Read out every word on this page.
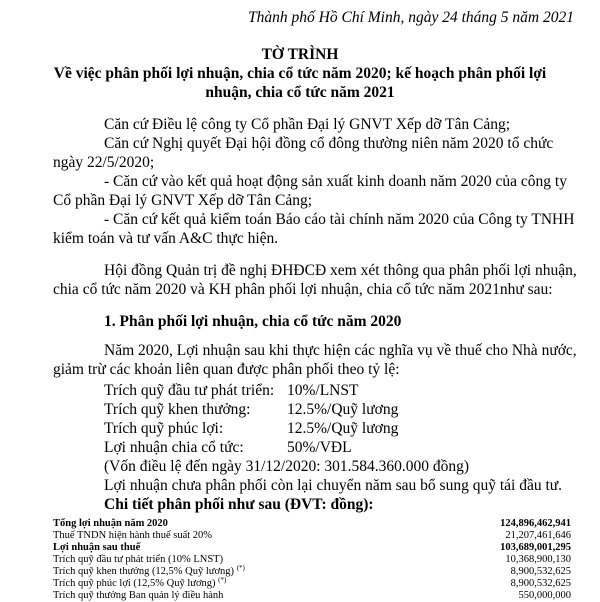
Thành phố Hồ Chí Minh, ngày 24 tháng 5 năm 2021
TỜ TRÌNH
Về việc phân phối lợi nhuận, chia cổ tức năm 2020; kế hoạch phân phối lợi
nhuận, chia cổ tức năm 2021
Căn cứ Điều lệ công ty Cổ phần Đại lý GNVT Xếp dỡ Tân Cảng;
Căn cứ Nghị quyết Đại hội đồng cổ đông thường niên năm 2020 tổ chức
ngày 22/5/2020;
- Căn cứ vào kết quả hoạt động sản xuất kinh doanh năm 2020 của công ty
Cổ phần Đại lý GNVT Xếp dỡ Tân Cảng;
- Căn cứ kết quả kiểm toán Báo cáo tài chính năm 2020 của Công ty TNHH
kiểm toán và tư vấn A&C thực hiện.
Hội đồng Quản trị đề nghị ĐHĐCĐ xem xét thông qua phân phối lợi nhuận,
chia cổ tức năm 2020 và KH phân phối lợi nhuận, chia cổ tức năm 2021như sau:
1. Phân phối lợi nhuận, chia cổ tức năm 2020
Năm 2020, Lợi nhuận sau khi thực hiện các nghĩa vụ về thuế cho Nhà nước,
giảm trừ các khoản liên quan được phân phối theo tỷ lệ:
Trích quỹ đầu tư phát triển: 10%/LNST
Trích quỹ khen thưởng: 12.5%/Quỹ lương
Trích quỹ phúc lợi:	12.5%/Quỹ lương
Lợi nhuận chia cổ tức:	50%/VĐL
(Vốn điều lệ đến ngày 31/12/2020: 301.584.360.000 đồng)
Lợi nhuận chưa phân phối còn lại chuyển năm sau bổ sung quỹ tái đầu tư.
Chi tiết phân phối như sau (ĐVT: đồng):
Tổng lợi nhuận năm 2020	124,896,462,941
Thuế TNDN hiện hành thuế suất 20%	21,207,461,646
Lợi nhuận sau thuế	103,689,001,295
Trích quỹ đầu tư phát triển (10% LNST)	10,368,900,130
Trích quỹ khen thưởng (12,5% Quỹ lương) (*)	8,900,532,625
Trích quỹ phúc lợi (12,5% Quỹ lương) (*)	8,900,532,625
Trích quỹ thưởng Ban quản lý điều hành	550,000,000
